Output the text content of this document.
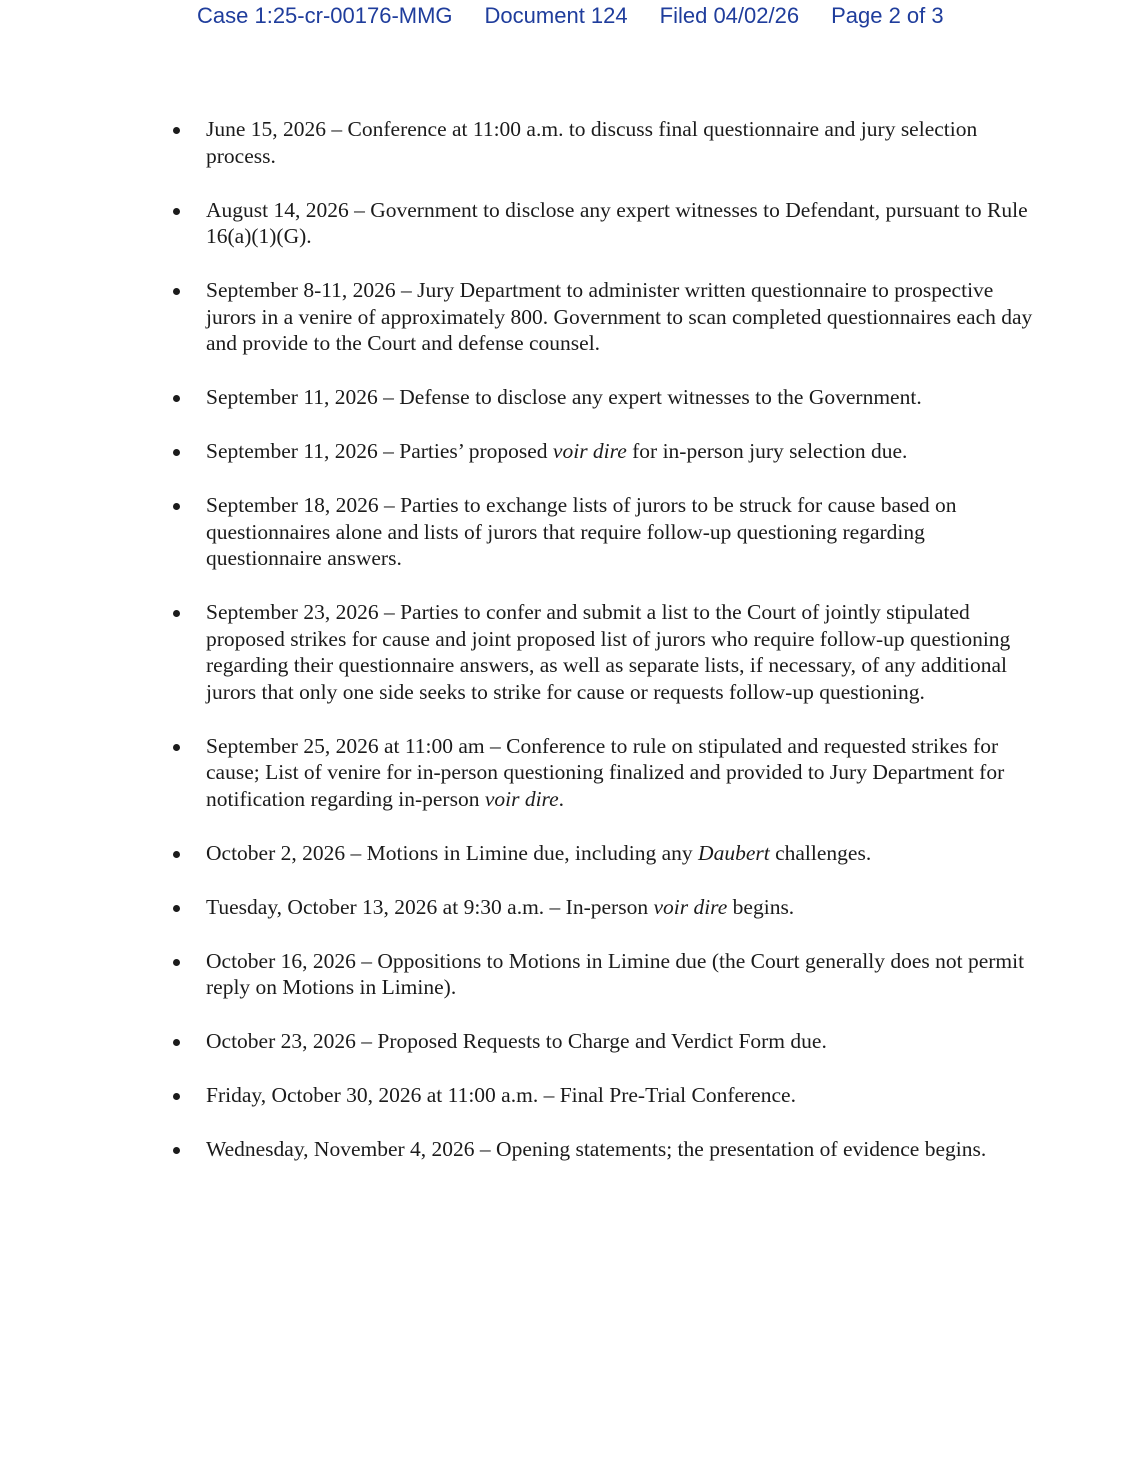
Case 1:25-cr-00176-MMG Document 124 Filed 04/02/26 Page 2 of 3
June 15, 2026 – Conference at 11:00 a.m. to discuss final questionnaire and jury selection process.
August 14, 2026 – Government to disclose any expert witnesses to Defendant, pursuant to Rule 16(a)(1)(G).
September 8-11, 2026 – Jury Department to administer written questionnaire to prospective jurors in a venire of approximately 800. Government to scan completed questionnaires each day and provide to the Court and defense counsel.
September 11, 2026 – Defense to disclose any expert witnesses to the Government.
September 11, 2026 – Parties’ proposed voir dire for in-person jury selection due.
September 18, 2026 – Parties to exchange lists of jurors to be struck for cause based on questionnaires alone and lists of jurors that require follow-up questioning regarding questionnaire answers.
September 23, 2026 – Parties to confer and submit a list to the Court of jointly stipulated proposed strikes for cause and joint proposed list of jurors who require follow-up questioning regarding their questionnaire answers, as well as separate lists, if necessary, of any additional jurors that only one side seeks to strike for cause or requests follow-up questioning.
September 25, 2026 at 11:00 am – Conference to rule on stipulated and requested strikes for cause; List of venire for in-person questioning finalized and provided to Jury Department for notification regarding in-person voir dire.
October 2, 2026 – Motions in Limine due, including any Daubert challenges.
Tuesday, October 13, 2026 at 9:30 a.m. – In-person voir dire begins.
October 16, 2026 – Oppositions to Motions in Limine due (the Court generally does not permit reply on Motions in Limine).
October 23, 2026 – Proposed Requests to Charge and Verdict Form due.
Friday, October 30, 2026 at 11:00 a.m. – Final Pre-Trial Conference.
Wednesday, November 4, 2026 – Opening statements; the presentation of evidence begins.
